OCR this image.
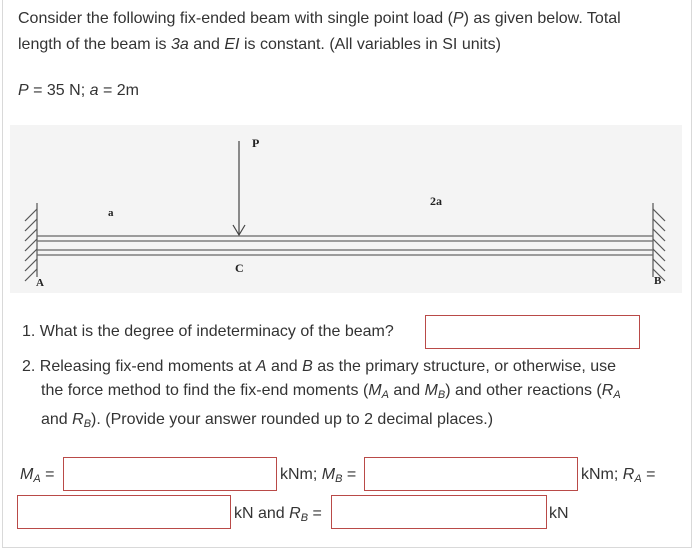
Consider the following fix-ended beam with single point load (P) as given below. Total
length of the beam is 3a and EI is constant. (All variables in SI units)
P = 35 N; a = 2m
P
a
2a
C
A	B
1. What is the degree of indeterminacy of the beam?
2. Releasing fix-end moments at A and B as the primary structure, or otherwise, use
the force method to find the fix-end moments ($M_A$ and $M_B$) and other reactions ($R_A$
and $R_B$). (Provide your answer rounded up to 2 decimal places.)
$M_A$ =	kNm; $M_B$ =	kNm; $R_A$ =
kN and $R_B$ =	kN
